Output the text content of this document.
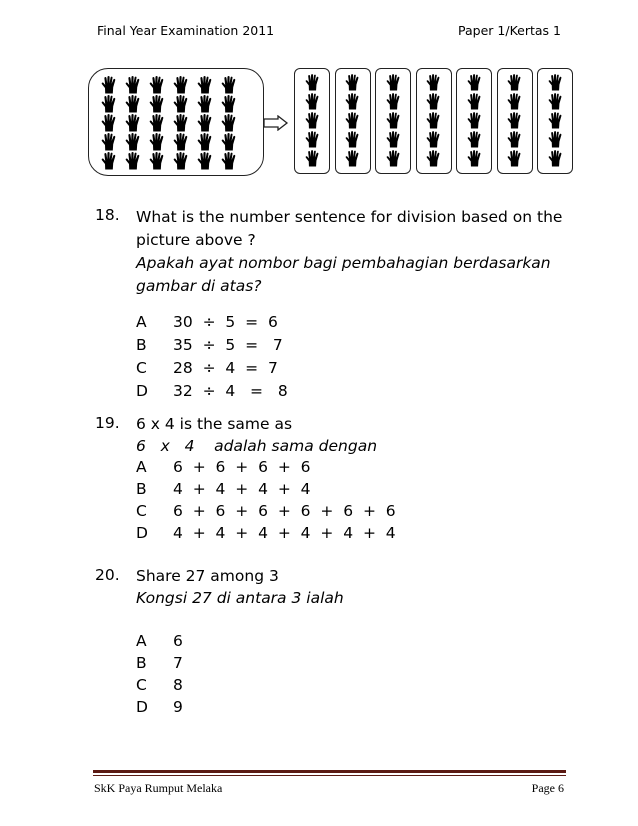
Final Year Examination 2011	Paper 1/Kertas 1
18. What is the number sentence for division based on the
picture above ?
Apakah ayat nombor bagi pembahagian berdasarkan
gambar di atas?
A 30  ÷  5  =  6
B 35  ÷  5  =   7
C 28  ÷  4  =  7
D 32  ÷  4   =   8
19. 6 x 4 is the same as
6   x   4    adalah sama dengan
A 6  +  6  +  6  +  6
B 4  +  4  +  4  +  4
C 6  +  6  +  6  +  6  +  6  +  6
D 4  +  4  +  4  +  4  +  4  +  4
20. Share 27 among 3
Kongsi 27 di antara 3 ialah
A 6
B 7
C 8
D 9
SkK Paya Rumput Melaka	Page 6
